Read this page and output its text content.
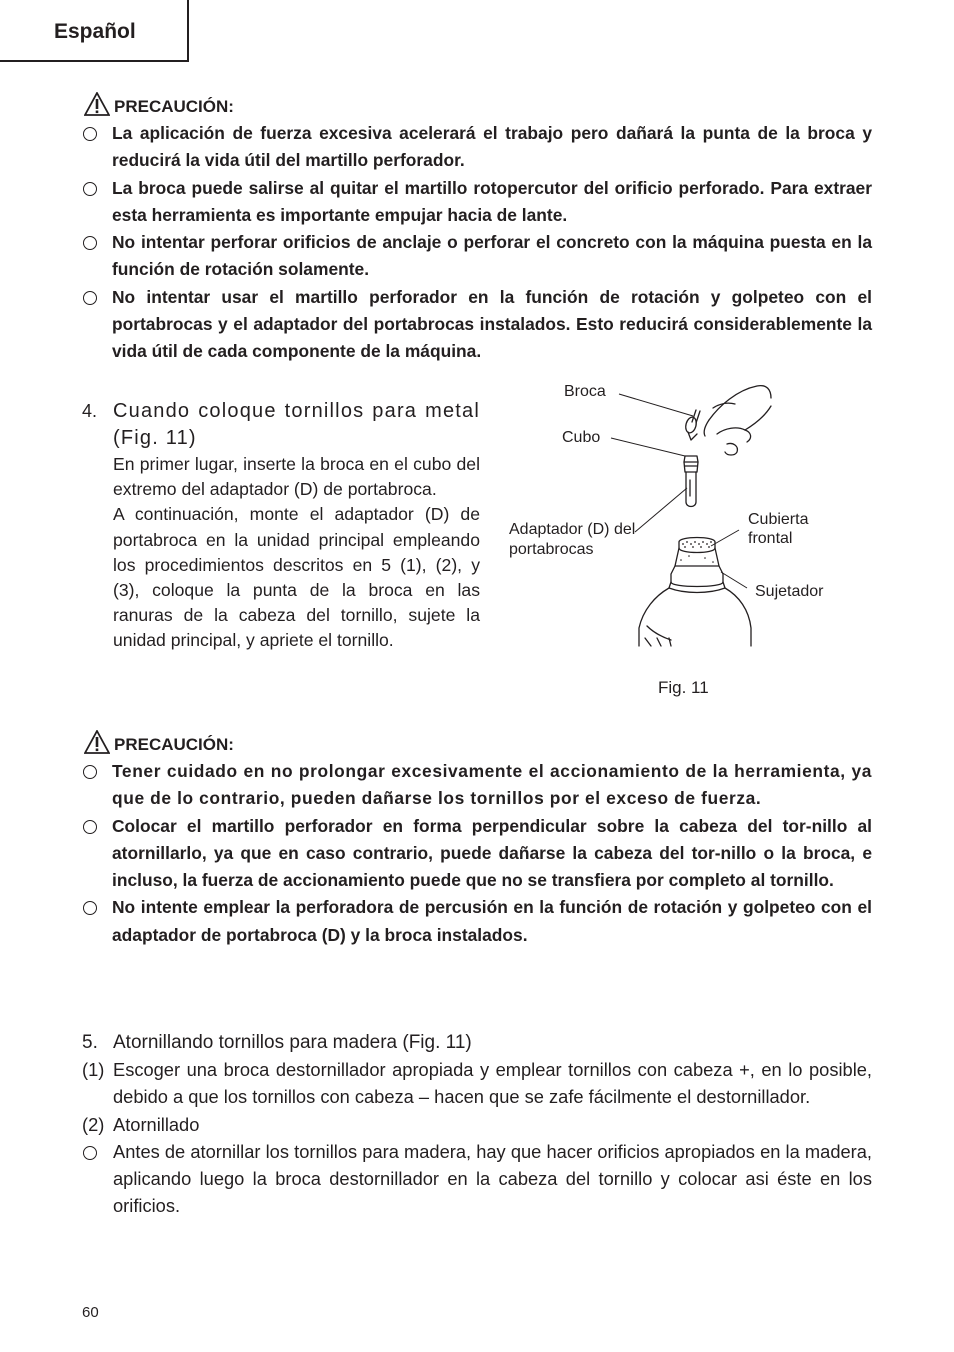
Español
PRECAUCIÓN:
La aplicación de fuerza excesiva acelerará el trabajo pero dañará la punta de la broca y reducirá la vida útil del martillo perforador.
La broca puede salirse al quitar el martillo rotopercutor del orificio perforado. Para extraer esta herramienta es importante empujar hacia de lante.
No intentar perforar orificios de anclaje o perforar el concreto con la máquina puesta en la función de rotación solamente.
No intentar usar el martillo perforador en la función de rotación y golpeteo con el portabrocas y el adaptador del portabrocas instalados. Esto reducirá considerablemente la vida útil de cada componente de la máquina.
4. Cuando coloque tornillos para metal (Fig. 11)

En primer lugar, inserte la broca en el cubo del extremo del adaptador (D) de portabroca.

A continuación, monte el adaptador (D) de portabroca en la unidad principal empleando los procedimientos descritos en 5 (1), (2), y (3), coloque la punta de la broca en las ranuras de la cabeza del tornillo, sujete la unidad principal, y apriete el tornillo.

Broca
Cubo
Adaptador (D) del
portabrocas
Cubierta
frontal
Sujetador
Fig. 11
PRECAUCIÓN:
Tener cuidado en no prolongar excesivamente el accionamiento de la herramienta, ya que de lo contrario, pueden dañarse los tornillos por el exceso de fuerza.
Colocar el martillo perforador en forma perpendicular sobre la cabeza del tor-nillo al atornillarlo, ya que en caso contrario, puede dañarse la cabeza del tor-nillo o la broca, e incluso, la fuerza de accionamiento puede que no se transfiera por completo al tornillo.
No intente emplear la perforadora de percusión en la función de rotación y golpeteo con el adaptador de portabroca (D) y la broca instalados.
5. Atornillando tornillos para madera (Fig. 11)
(1) Escoger una broca destornillador apropiada y emplear tornillos con cabeza +, en lo posible, debido a que los tornillos con cabeza – hacen que se zafe fácilmente el destornillador.
(2) Atornillado
Antes de atornillar los tornillos para madera, hay que hacer orificios apropiados en la madera, aplicando luego la broca destornillador en la cabeza del tornillo y colocar asi éste en los orificios.
60
